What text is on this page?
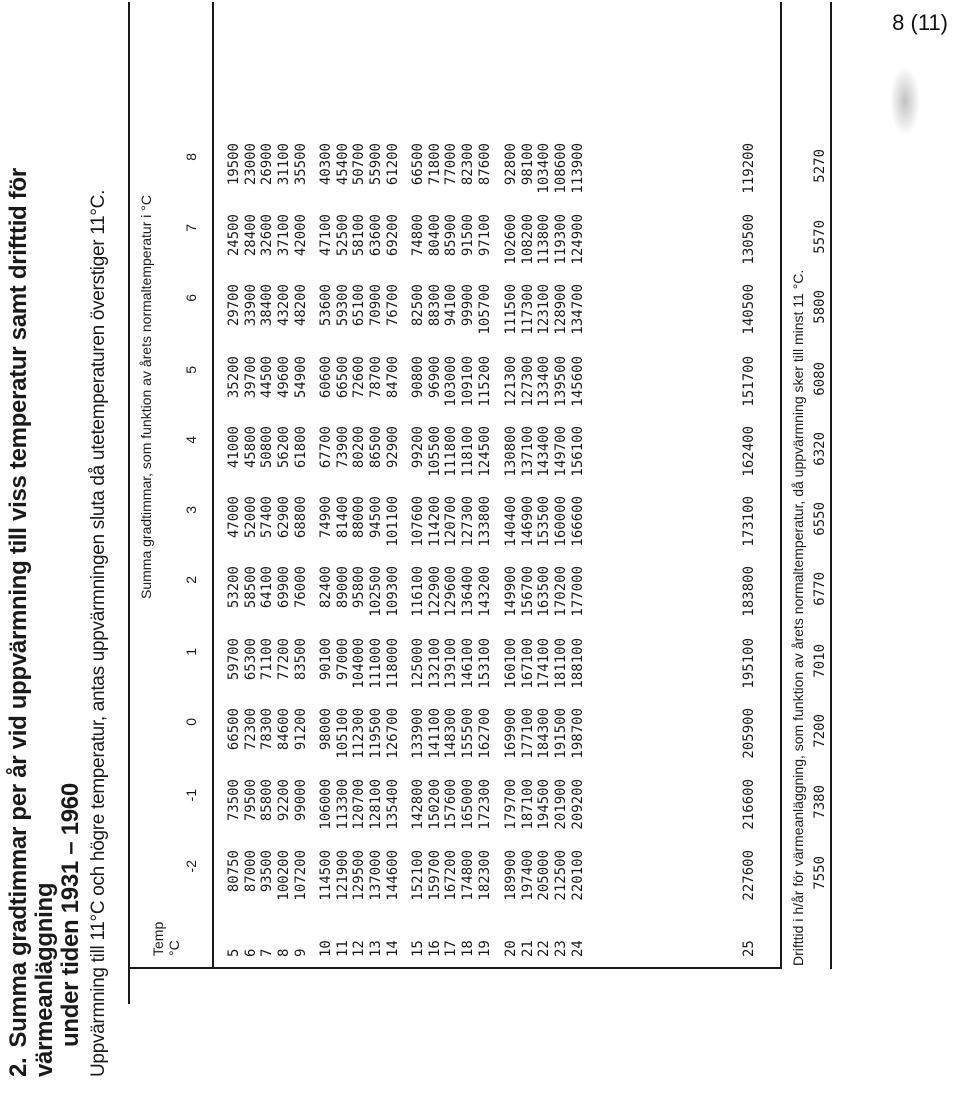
8 (11)
2.Summa gradtimmar per år vid uppvärmning till viss temperatur samt drifttid för värmeanläggning under tiden 1931 – 1960 Uppvärmning till 11°C och högre temperatur, antas uppvärmningen sluta då utetemperaturen överstiger 11°C. Summa gradtimmar, som funktion av årets normaltemperatur i °C
Temp
°C	5
80750
73500
66500
59700
53200
47000
41000
35200
29700
24500
19500
6
87000
79500
72300
65300
58500
52000
45800
39700
33900
28400
23000
7
93500
85800
78300
71100
64100
57400
50800
44500
38400
32600
26900
8
100200
92200
84600
77200
69900
62900
56200
49600
43200
37100
31100
9
107200
99000
91200
83500
76000
68800
61800
54900
48200
42000
35500
10
114500
106000
98000
90100
82400
74900
67700
60600
53600
47100
40300
11
121900
113300
105100
97000
89000
81400
73900
66500
59300
52500
45400
12
129500
120700
112300
104000
95800
88000
80200
72600
65100
58100
50700
13
137000
128100
119500
111000
102500
94500
86500
78700
70900
63600
55900
14
144600
135400
126700
118000
109300
101100
92900
84700
76700
69200
61200
15
152100
142800
133900
125000
116100
107600
99200
90800
82500
74800
66500
16
159700
150200
141100
132100
122900
114200
105500
96900
88300
80400
71800
17
167200
157600
148300
139100
129600
120700
111800
103000
94100
85900
77000
18
174800
165000
155500
146100
136400
127300
118100
109100
99900
91500
82300
19
182300
172300
162700
153100
143200
133800
124500
115200
105700
97100
87600
20
189900
179700
169900
160100
149900
140400
130800
121300
111500
102600
92800
21
197400
187100
177100
167100
156700
146900
137100
127300
117300
108200
98100
22
205000
194500
184300
174100
163500
153500
143400
133400
123100
113800
103400
23
212500
201900
191500
181100
170200
160000
149700
139500
128900
119300
108600
24
220100
209200
198700
188100
177000
166600
156100
145600
134700
124900
113900
25
227600
216600
205900
195100
183800
173100
162400
151700
140500
130500
119200
-2
-1
0
1
2
3
4
5
6
7
8
7550
7380
7200
7010
6770
6550
6320
6080
5800
5570
5270
Drifttid i h/år för värmeanläggning, som funktion av årets normaltemperatur, då uppvärmning sker till minst 11 °C.
